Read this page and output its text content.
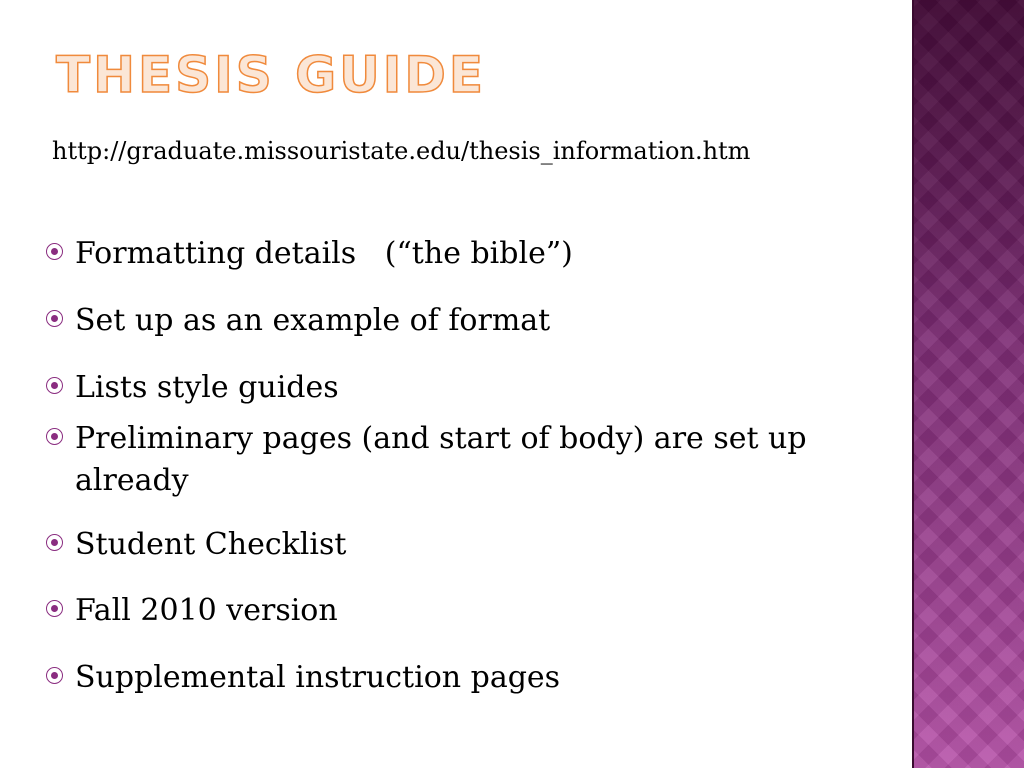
THESIS GUIDE
http://graduate.missouristate.edu/thesis_information.htm
Formatting details   (“the bible”)
Set up as an example of format
Lists style guides
Preliminary pages (and start of body) are set up
already
Student Checklist
Fall 2010 version
Supplemental instruction pages
